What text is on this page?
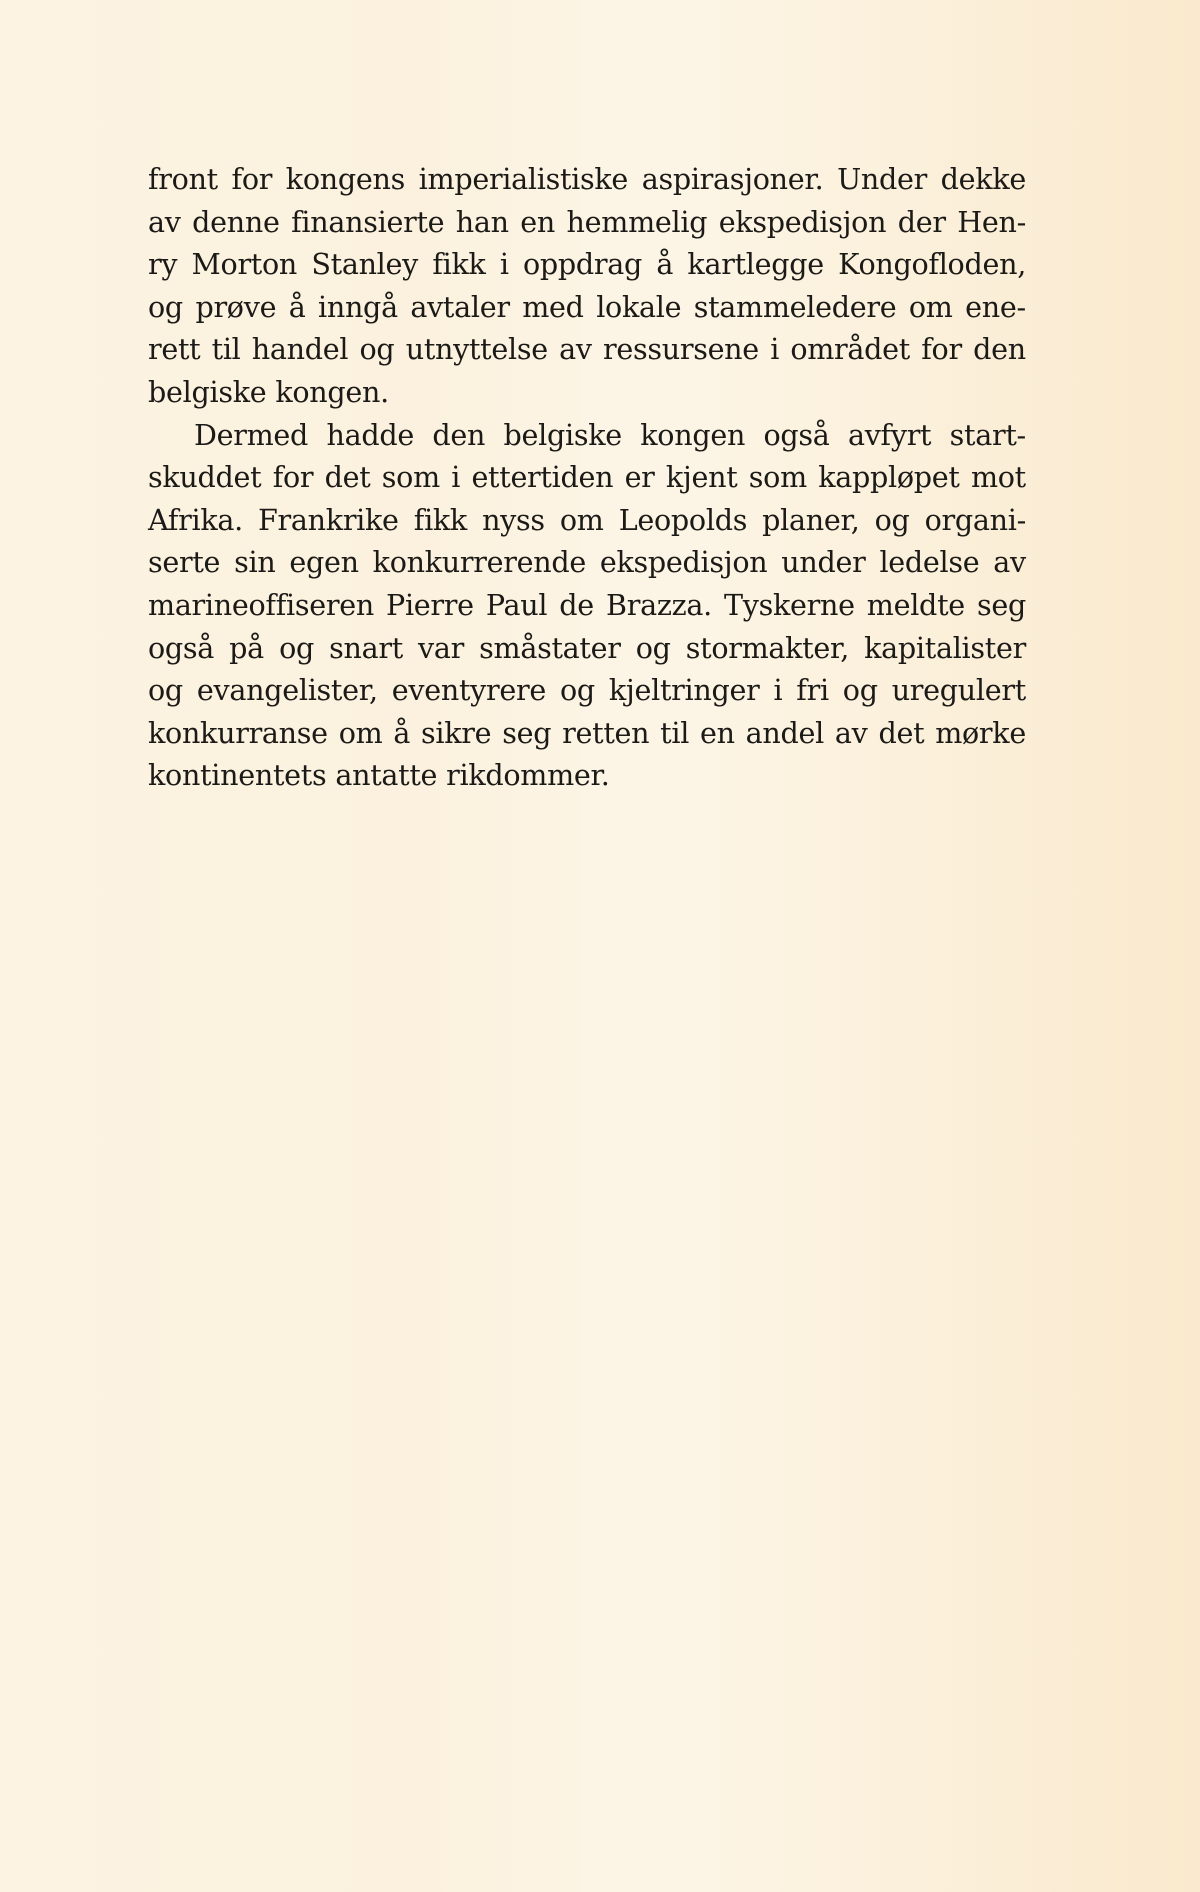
front for kongens imperialistiske aspirasjoner. Under dekke
av denne finansierte han en hemmelig ekspedisjon der Hen-
ry Morton Stanley fikk i oppdrag å kartlegge Kongofloden,
og prøve å inngå avtaler med lokale stammeledere om ene-
rett til handel og utnyttelse av ressursene i området for den
belgiske kongen.
Dermed hadde den belgiske kongen også avfyrt start-
skuddet for det som i ettertiden er kjent som kappløpet mot
Afrika. Frankrike fikk nyss om Leopolds planer, og organi-
serte sin egen konkurrerende ekspedisjon under ledelse av
marineoffiseren Pierre Paul de Brazza. Tyskerne meldte seg
også på og snart var småstater og stormakter, kapitalister
og evangelister, eventyrere og kjeltringer i fri og uregulert
konkurranse om å sikre seg retten til en andel av det mørke
kontinentets antatte rikdommer.
